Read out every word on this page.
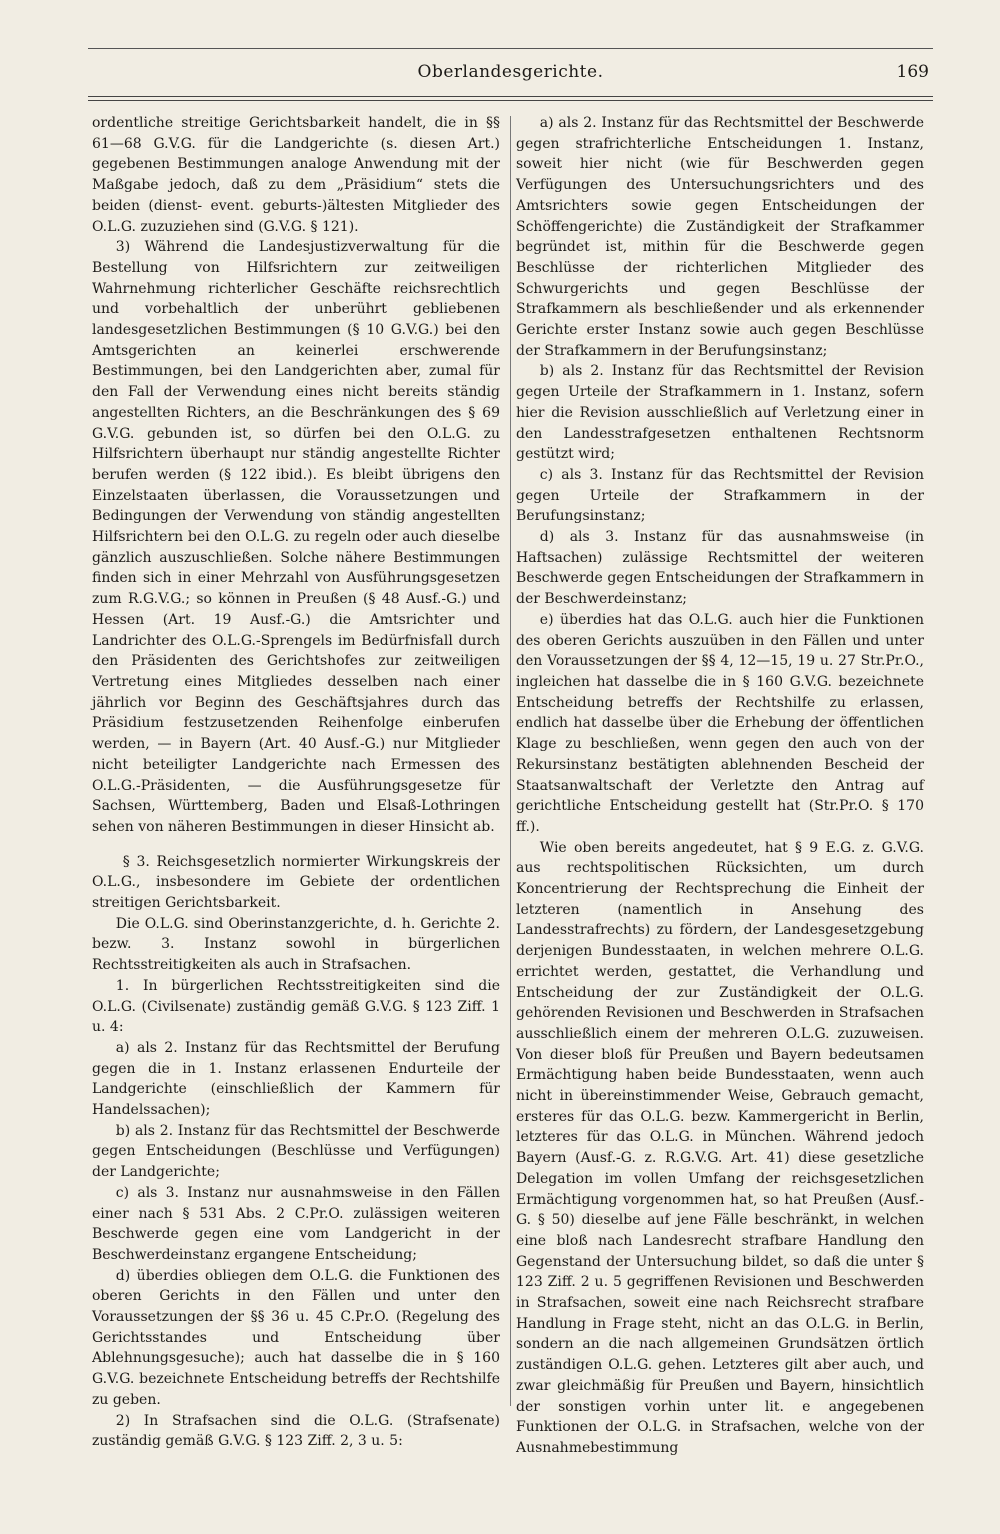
Oberlandesgerichte.	169

ordentliche streitige Gerichtsbarkeit handelt, die in §§ 61—68 G.V.G. für die Landgerichte (s. diesen Art.) gegebenen Bestimmungen analoge Anwendung mit der Maßgabe jedoch, daß zu dem „Präsidium“ stets die beiden (dienst- event. geburts-)ältesten Mitglieder des O.L.G. zuzuziehen sind (G.V.G. § 121).

3) Während die Landesjustizverwaltung für die Bestellung von Hilfsrichtern zur zeitweiligen Wahrnehmung richterlicher Geschäfte reichsrechtlich und vorbehaltlich der unberührt gebliebenen landesgesetzlichen Bestimmungen (§ 10 G.V.G.) bei den Amtsgerichten an keinerlei erschwerende Bestimmungen, bei den Landgerichten aber, zumal für den Fall der Verwendung eines nicht bereits ständig angestellten Richters, an die Beschränkungen des § 69 G.V.G. gebunden ist, so dürfen bei den O.L.G. zu Hilfsrichtern überhaupt nur ständig angestellte Richter berufen werden (§ 122 ibid.). Es bleibt übrigens den Einzelstaaten überlassen, die Voraussetzungen und Bedingungen der Verwendung von ständig angestellten Hilfsrichtern bei den O.L.G. zu regeln oder auch dieselbe gänzlich auszuschließen. Solche nähere Bestimmungen finden sich in einer Mehrzahl von Ausführungsgesetzen zum R.G.V.G.; so können in Preußen (§ 48 Ausf.-G.) und Hessen (Art. 19 Ausf.-G.) die Amtsrichter und Landrichter des O.L.G.-Sprengels im Bedürfnisfall durch den Präsidenten des Gerichtshofes zur zeitweiligen Vertretung eines Mitgliedes desselben nach einer jährlich vor Beginn des Geschäftsjahres durch das Präsidium festzusetzenden Reihenfolge einberufen werden, — in Bayern (Art. 40 Ausf.-G.) nur Mitglieder nicht beteiligter Landgerichte nach Ermessen des O.L.G.-Präsidenten, — die Ausführungsgesetze für Sachsen, Württemberg, Baden und Elsaß-Lothringen sehen von näheren Bestimmungen in dieser Hinsicht ab.

§ 3. Reichsgesetzlich normierter Wirkungskreis der O.L.G., insbesondere im Gebiete der ordentlichen streitigen Gerichtsbarkeit.

Die O.L.G. sind Oberinstanzgerichte, d. h. Gerichte 2. bezw. 3. Instanz sowohl in bürgerlichen Rechtsstreitigkeiten als auch in Strafsachen.

1. In bürgerlichen Rechtsstreitigkeiten sind die O.L.G. (Civilsenate) zuständig gemäß G.V.G. § 123 Ziff. 1 u. 4:

a) als 2. Instanz für das Rechtsmittel der Berufung gegen die in 1. Instanz erlassenen Endurteile der Landgerichte (einschließlich der Kammern für Handelssachen);

b) als 2. Instanz für das Rechtsmittel der Beschwerde gegen Entscheidungen (Beschlüsse und Verfügungen) der Landgerichte;

c) als 3. Instanz nur ausnahmsweise in den Fällen einer nach § 531 Abs. 2 C.Pr.O. zulässigen weiteren Beschwerde gegen eine vom Landgericht in der Beschwerdeinstanz ergangene Entscheidung;

d) überdies obliegen dem O.L.G. die Funktionen des oberen Gerichts in den Fällen und unter den Voraussetzungen der §§ 36 u. 45 C.Pr.O. (Regelung des Gerichtsstandes und Entscheidung über Ablehnungsgesuche); auch hat dasselbe die in § 160 G.V.G. bezeichnete Entscheidung betreffs der Rechtshilfe zu geben.

2) In Strafsachen sind die O.L.G. (Strafsenate) zuständig gemäß G.V.G. § 123 Ziff. 2, 3 u. 5:

a) als 2. Instanz für das Rechtsmittel der Beschwerde gegen strafrichterliche Entscheidungen 1. Instanz, soweit hier nicht (wie für Beschwerden gegen Verfügungen des Untersuchungsrichters und des Amtsrichters sowie gegen Entscheidungen der Schöffengerichte) die Zuständigkeit der Strafkammer begründet ist, mithin für die Beschwerde gegen Beschlüsse der richterlichen Mitglieder des Schwurgerichts und gegen Beschlüsse der Strafkammern als beschließender und als erkennender Gerichte erster Instanz sowie auch gegen Beschlüsse der Strafkammern in der Berufungsinstanz;

b) als 2. Instanz für das Rechtsmittel der Revision gegen Urteile der Strafkammern in 1. Instanz, sofern hier die Revision ausschließlich auf Verletzung einer in den Landesstrafgesetzen enthaltenen Rechtsnorm gestützt wird;

c) als 3. Instanz für das Rechtsmittel der Revision gegen Urteile der Strafkammern in der Berufungsinstanz;

d) als 3. Instanz für das ausnahmsweise (in Haftsachen) zulässige Rechtsmittel der weiteren Beschwerde gegen Entscheidungen der Strafkammern in der Beschwerdeinstanz;

e) überdies hat das O.L.G. auch hier die Funktionen des oberen Gerichts auszuüben in den Fällen und unter den Voraussetzungen der §§ 4, 12—15, 19 u. 27 Str.Pr.O., ingleichen hat dasselbe die in § 160 G.V.G. bezeichnete Entscheidung betreffs der Rechtshilfe zu erlassen, endlich hat dasselbe über die Erhebung der öffentlichen Klage zu beschließen, wenn gegen den auch von der Rekursinstanz bestätigten ablehnenden Bescheid der Staatsanwaltschaft der Verletzte den Antrag auf gerichtliche Entscheidung gestellt hat (Str.Pr.O. § 170 ff.).

Wie oben bereits angedeutet, hat § 9 E.G. z. G.V.G. aus rechtspolitischen Rücksichten, um durch Koncentrierung der Rechtsprechung die Einheit der letzteren (namentlich in Ansehung des Landesstrafrechts) zu fördern, der Landesgesetzgebung derjenigen Bundesstaaten, in welchen mehrere O.L.G. errichtet werden, gestattet, die Verhandlung und Entscheidung der zur Zuständigkeit der O.L.G. gehörenden Revisionen und Beschwerden in Strafsachen ausschließlich einem der mehreren O.L.G. zuzuweisen. Von dieser bloß für Preußen und Bayern bedeutsamen Ermächtigung haben beide Bundesstaaten, wenn auch nicht in übereinstimmender Weise, Gebrauch gemacht, ersteres für das O.L.G. bezw. Kammergericht in Berlin, letzteres für das O.L.G. in München. Während jedoch Bayern (Ausf.-G. z. R.G.V.G. Art. 41) diese gesetzliche Delegation im vollen Umfang der reichsgesetzlichen Ermächtigung vorgenommen hat, so hat Preußen (Ausf.-G. § 50) dieselbe auf jene Fälle beschränkt, in welchen eine bloß nach Landesrecht strafbare Handlung den Gegenstand der Untersuchung bildet, so daß die unter § 123 Ziff. 2 u. 5 gegriffenen Revisionen und Beschwerden in Strafsachen, soweit eine nach Reichsrecht strafbare Handlung in Frage steht, nicht an das O.L.G. in Berlin, sondern an die nach allgemeinen Grundsätzen örtlich zuständigen O.L.G. gehen. Letzteres gilt aber auch, und zwar gleichmäßig für Preußen und Bayern, hinsichtlich der sonstigen vorhin unter lit. e angegebenen Funktionen der O.L.G. in Strafsachen, welche von der Ausnahmebestimmung
